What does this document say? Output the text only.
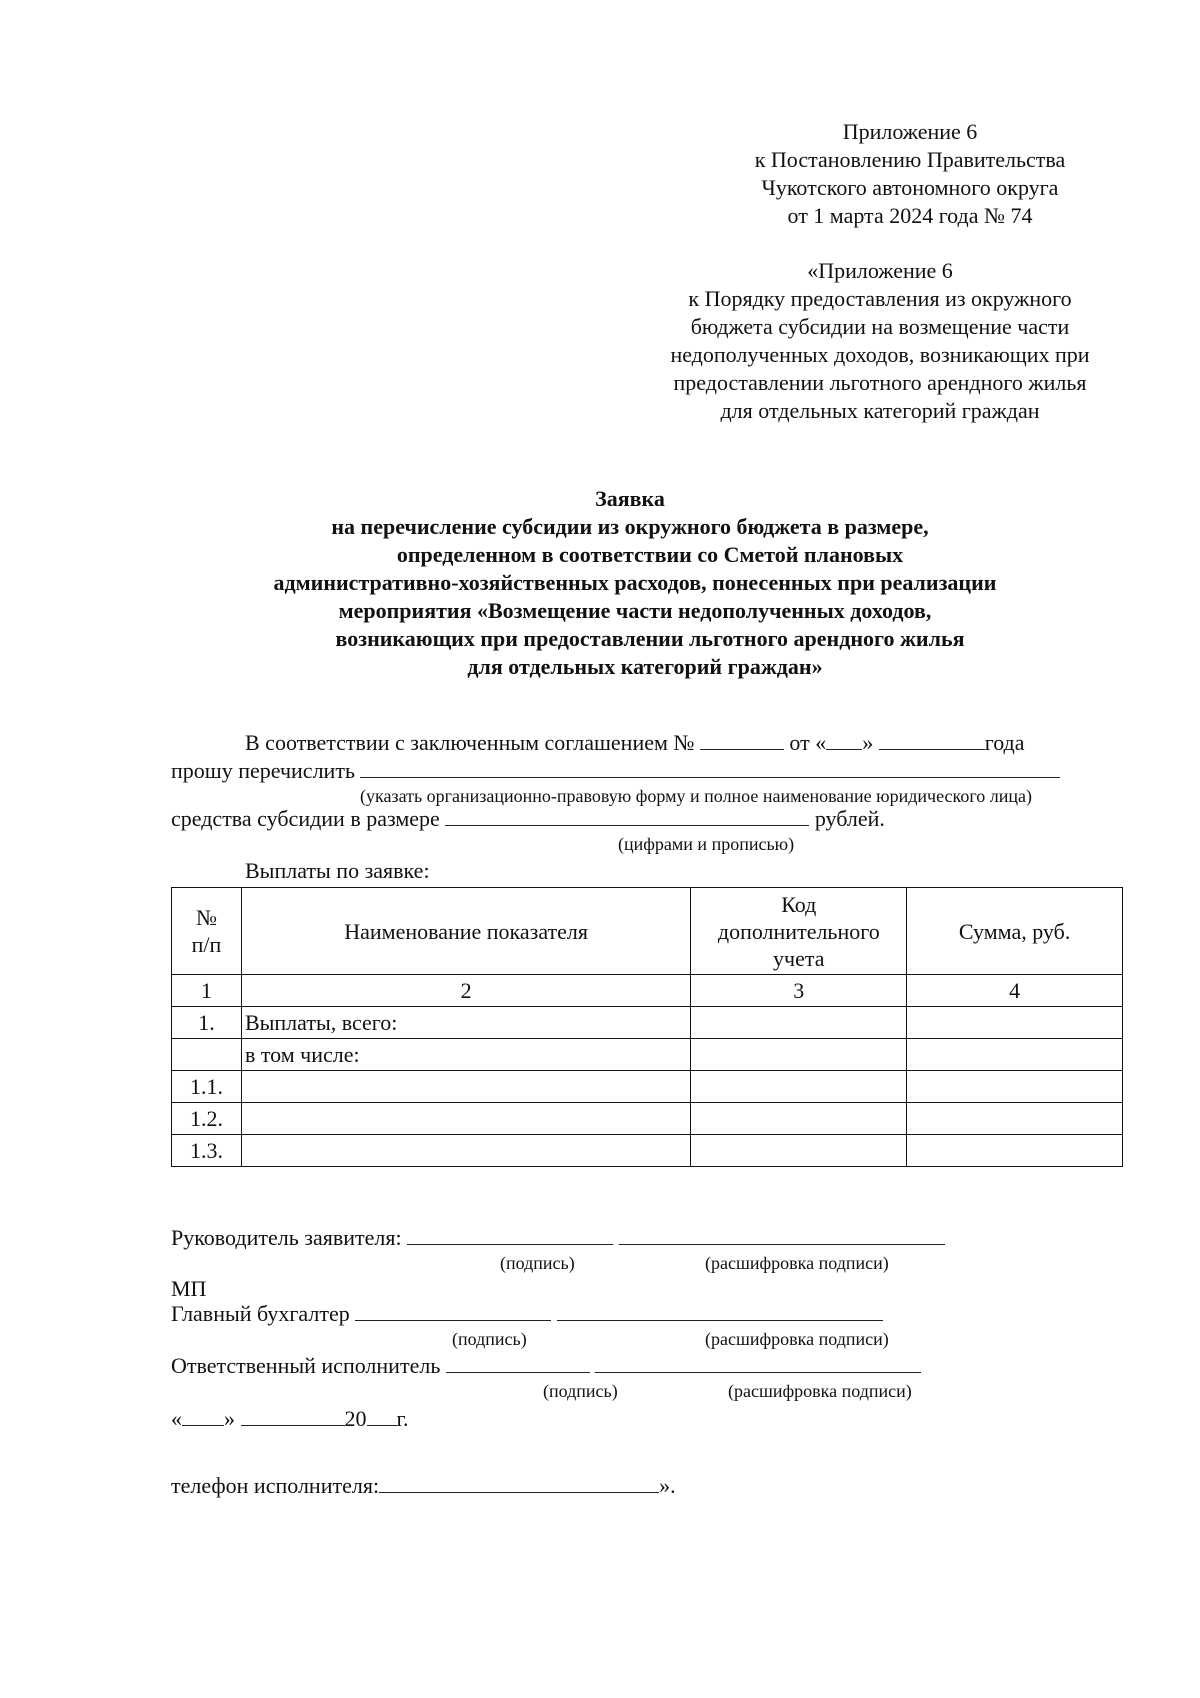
Приложение 6
к Постановлению Правительства
Чукотского автономного округа
от 1 марта 2024 года № 74
«Приложение 6
к Порядку предоставления из окружного
бюджета субсидии на возмещение части
недополученных доходов, возникающих при
предоставлении льготного арендного жилья
для отдельных категорий граждан
Заявка
на перечисление субсидии из окружного бюджета в размере,
определенном в соответствии со Сметой плановых
административно-хозяйственных расходов, понесенных при реализации
мероприятия «Возмещение части недополученных доходов,
возникающих при предоставлении льготного арендного жилья
для отдельных категорий граждан»
В соответствии с заключенным соглашением №	от « »	года
прошу перечислить
(указать организационно-правовую форму и полное наименование юридического лица)
средства субсидии в размере	рублей.
(цифрами и прописью)
Выплаты по заявке:
№ п/п	Наименование показателя	Код дополнительного учета	Сумма, руб.
1	2	3	4
1.	Выплаты, всего:		
	в том числе:		
1.1.			
1.2.			
1.3.			
Руководитель заявителя:
(подпись)	(расшифровка подписи)
МП
Главный бухгалтер
(подпись)	(расшифровка подписи)
Ответственный исполнитель
(подпись)	(расшифровка подписи)
« »	20 г.
телефон исполнителя:	».
